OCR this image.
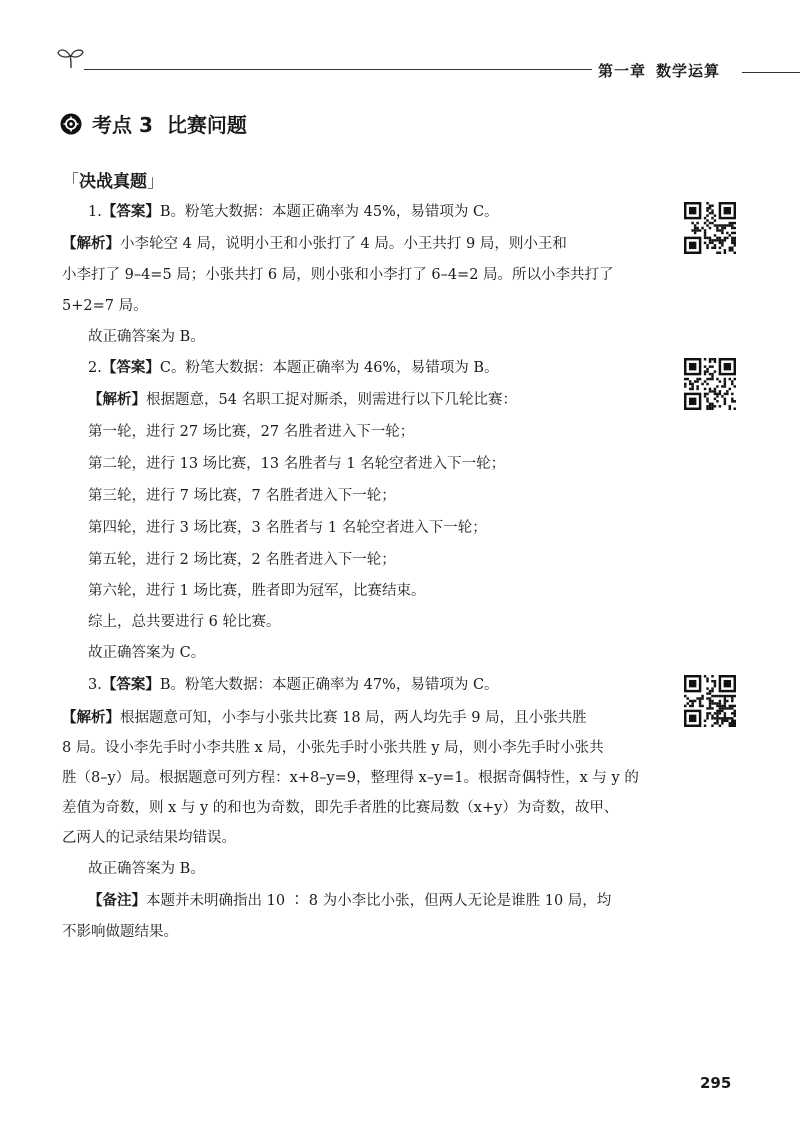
第一章 数学运算
考点 3 比赛问题
「决战真题」
1.【答案】B。粉笔大数据：本题正确率为 45%，易错项为 C。
【解析】小李轮空 4 局，说明小王和小张打了 4 局。小王共打 9 局，则小王和
小李打了 9–4=5 局；小张共打 6 局，则小张和小李打了 6–4=2 局。所以小李共打了
5+2=7 局。
故正确答案为 B。
2.【答案】C。粉笔大数据：本题正确率为 46%，易错项为 B。
【解析】根据题意，54 名职工捉对厮杀，则需进行以下几轮比赛：
第一轮，进行 27 场比赛，27 名胜者进入下一轮；
第二轮，进行 13 场比赛，13 名胜者与 1 名轮空者进入下一轮；
第三轮，进行 7 场比赛，7 名胜者进入下一轮；
第四轮，进行 3 场比赛，3 名胜者与 1 名轮空者进入下一轮；
第五轮，进行 2 场比赛，2 名胜者进入下一轮；
第六轮，进行 1 场比赛，胜者即为冠军，比赛结束。
综上，总共要进行 6 轮比赛。
故正确答案为 C。
3.【答案】B。粉笔大数据：本题正确率为 47%，易错项为 C。
【解析】根据题意可知，小李与小张共比赛 18 局，两人均先手 9 局，且小张共胜
8 局。设小李先手时小李共胜 x 局，小张先手时小张共胜 y 局，则小李先手时小张共
胜（8–y）局。根据题意可列方程：x+8–y=9，整理得 x–y=1。根据奇偶特性，x 与 y 的
差值为奇数，则 x 与 y 的和也为奇数，即先手者胜的比赛局数（x+y）为奇数，故甲、
乙两人的记录结果均错误。
故正确答案为 B。
【备注】本题并未明确指出 10 ∶ 8 为小李比小张，但两人无论是谁胜 10 局，均
不影响做题结果。
295
